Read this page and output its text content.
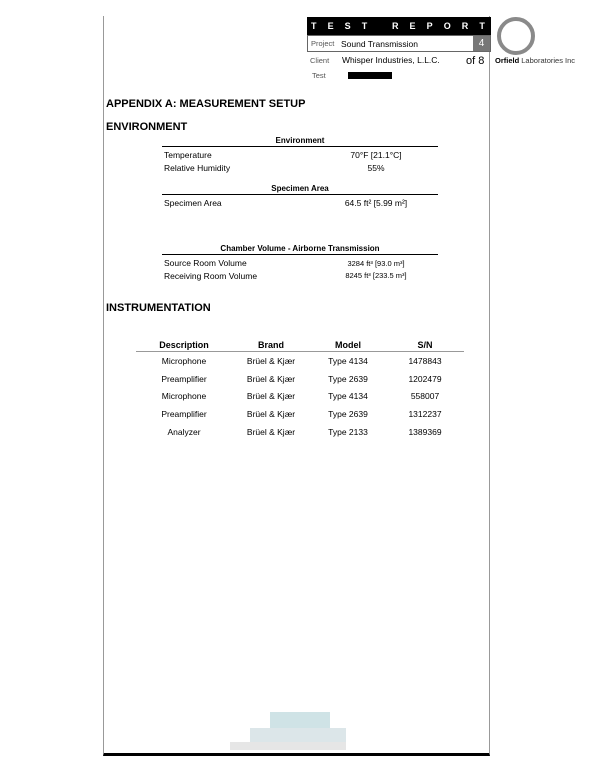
T E S T
	R E P O R T
Project Sound Transmission	4
Client	Whisper Industries, L.L.C. of 8
Test
Orfield Laboratories Inc
APPENDIX A: MEASUREMENT SETUP
ENVIRONMENT
Environment
Temperature	70°F [21.1°C]
Relative Humidity	55%
Specimen Area
Specimen Area	64.5 ft² [5.99 m²]
Chamber Volume - Airborne Transmission
Source Room Volume	3284 ft³ [93.0 m³]
Receiving Room Volume	8245 ft³ [233.5 m³]
INSTRUMENTATION
Description	Brand	Model	S/N
Microphone	Brüel & Kjær	Type 4134	1478843
Preamplifier	Brüel & Kjær	Type 2639	1202479
Microphone	Brüel & Kjær	Type 4134	558007
Preamplifier	Brüel & Kjær	Type 2639	1312237
Analyzer	Brüel & Kjær	Type 2133	1389369
